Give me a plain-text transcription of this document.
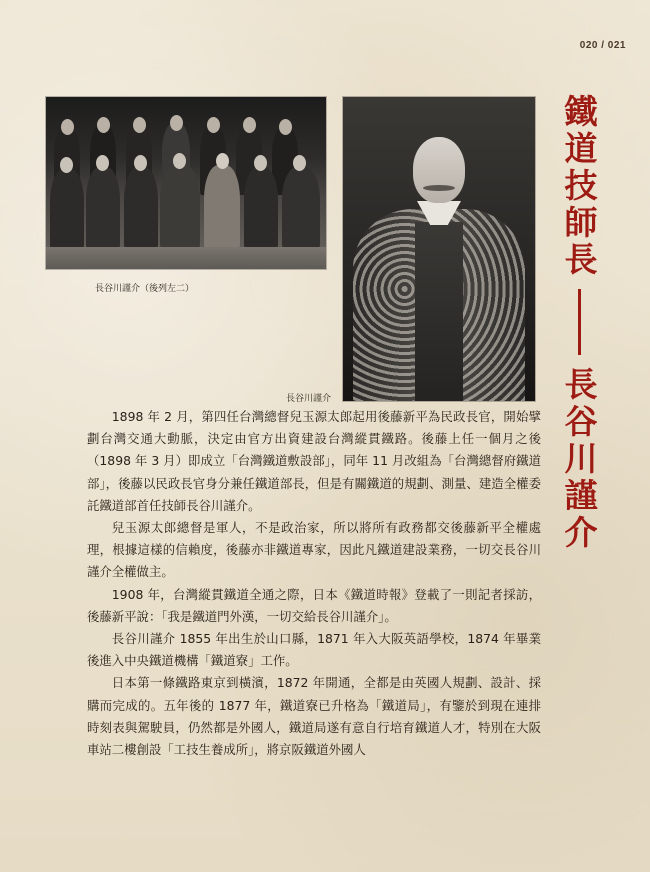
020 / 021
長谷川謹介（後列左二）
長谷川謹介
鐵道技師長
長谷川謹介

1898 年 2 月，第四任台灣總督兒玉源太郎起用後藤新平為民政長官，開始擘劃台灣交通大動脈，決定由官方出資建設台灣縱貫鐵路。後藤上任一個月之後（1898 年 3 月）即成立「台灣鐵道敷設部」，同年 11 月改組為「台灣總督府鐵道部」，後藤以民政長官身分兼任鐵道部長，但是有關鐵道的規劃、測量、建造全權委託鐵道部首任技師長谷川謹介。

兒玉源太郎總督是軍人，不是政治家，所以將所有政務都交後藤新平全權處理，根據這樣的信賴度，後藤亦非鐵道專家，因此凡鐵道建設業務，一切交長谷川謹介全權做主。

1908 年，台灣縱貫鐵道全通之際，日本《鐵道時報》登載了一則記者採訪，後藤新平說：「我是鐵道門外漢，一切交給長谷川謹介」。

長谷川謹介 1855 年出生於山口縣，1871 年入大阪英語學校，1874 年畢業後進入中央鐵道機構「鐵道寮」工作。

日本第一條鐵路東京到橫濱，1872 年開通，全都是由英國人規劃、設計、採購而完成的。五年後的 1877 年，鐵道寮已升格為「鐵道局」，有鑒於到現在連排時刻表與駕駛員，仍然都是外國人，鐵道局遂有意自行培育鐵道人才，特別在大阪車站二樓創設「工技生養成所」，將京阪鐵道外國人
